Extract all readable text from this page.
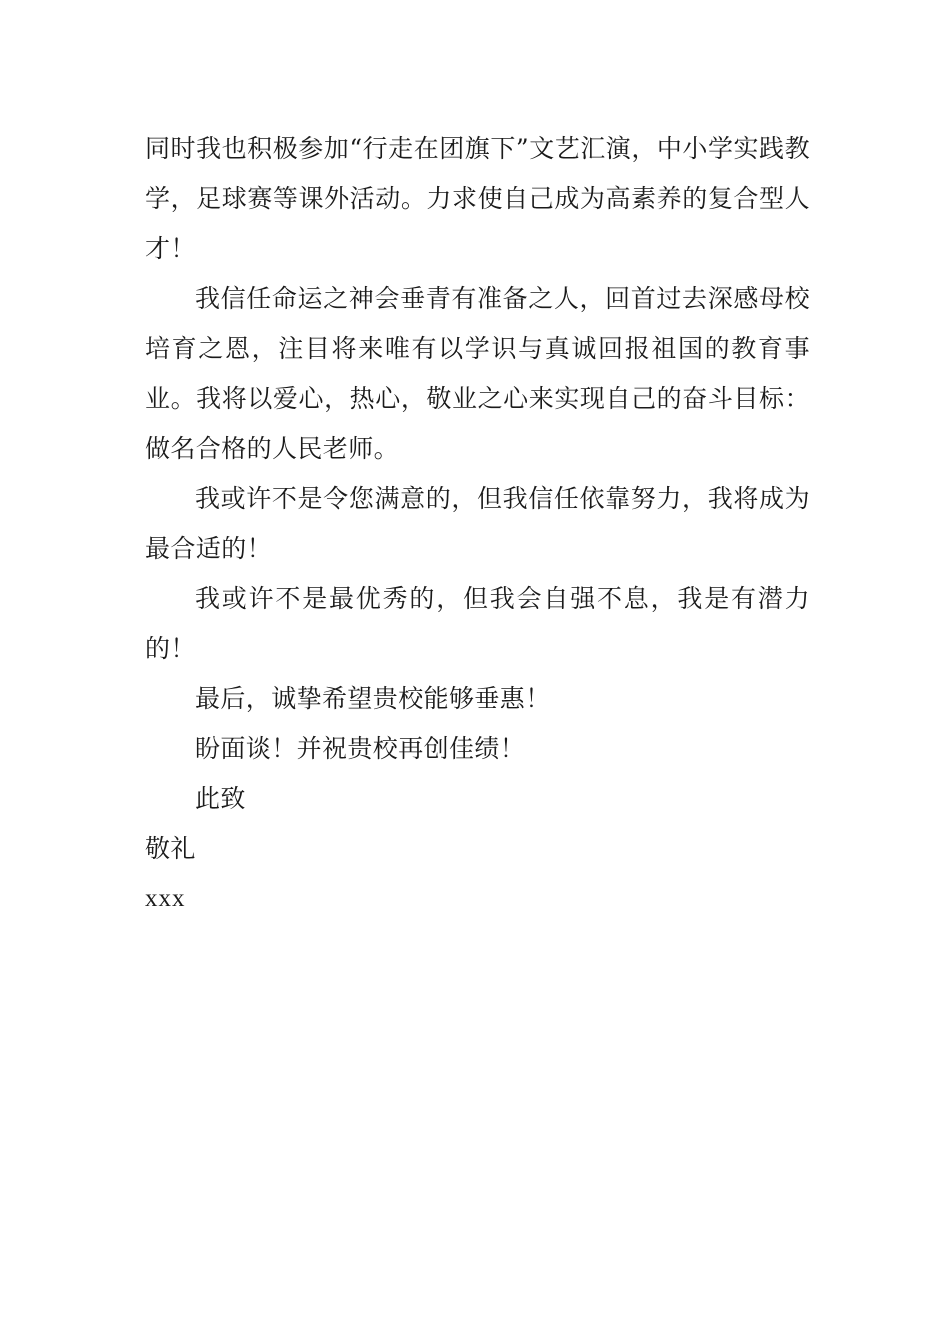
同时我也积极参加“行走在团旗下”文艺汇演，中小学实践教学，足球赛等课外活动。力求使自己成为高素养的复合型人才！

我信任命运之神会垂青有准备之人，回首过去深感母校培育之恩，注目将来唯有以学识与真诚回报祖国的教育事业。我将以爱心，热心，敬业之心来实现自己的奋斗目标：做名合格的人民老师。

我或许不是令您满意的，但我信任依靠努力，我将成为最合适的！

我或许不是最优秀的，但我会自强不息，我是有潜力的！

最后，诚挚希望贵校能够垂惠！

盼面谈！并祝贵校再创佳绩！

此致

敬礼

xxx
